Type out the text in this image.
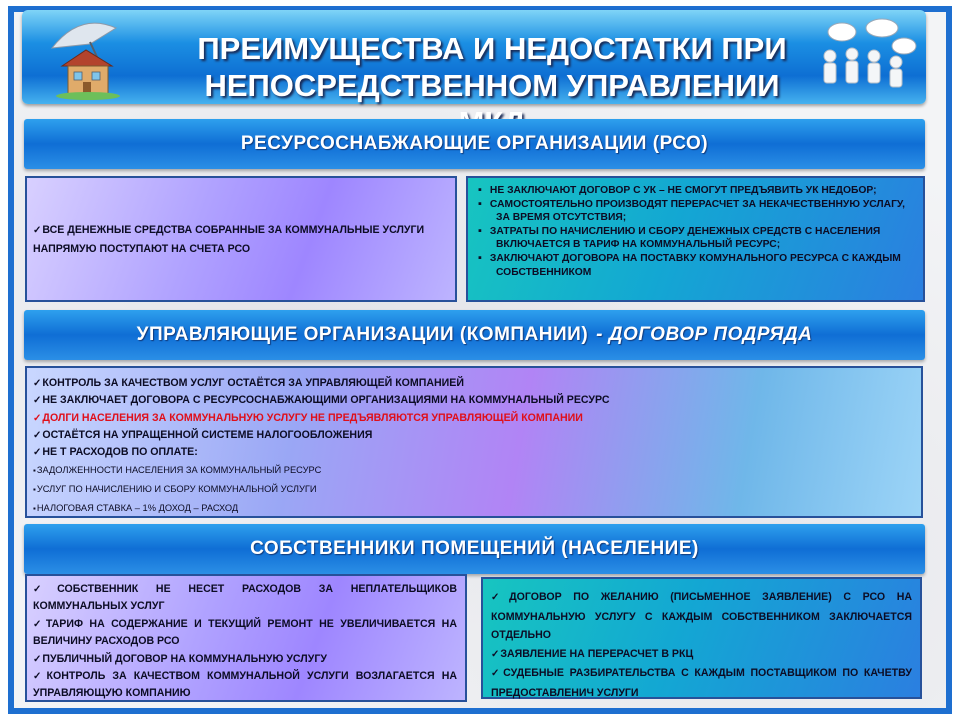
ПРЕИМУЩЕСТВА И НЕДОСТАТКИ ПРИ
НЕПОСРЕДСТВЕННОМ УПРАВЛЕНИИ
РЕСУРСОСНАБЖАЮЩИЕ ОРГАНИЗАЦИИ (РСО)
✓ ВСЕ ДЕНЕЖНЫЕ СРЕДСТВА СОБРАННЫЕ ЗА КОММУНАЛЬНЫЕ УСЛУГИ НАПРЯМУЮ ПОСТУПАЮТ НА СЧЕТА РСО
▪ НЕ ЗАКЛЮЧАЮТ ДОГОВОР С УК – НЕ СМОГУТ ПРЕДЪЯВИТЬ УК НЕДОБОР;
▪ САМОСТОЯТЕЛЬНО ПРОИЗВОДЯТ ПЕРЕРАСЧЕТ ЗА НЕКАЧЕСТВЕННУЮ УСЛАГУ, ЗА ВРЕМЯ ОТСУТСТВИЯ;
▪ ЗАТРАТЫ ПО НАЧИСЛЕНИЮ И СБОРУ ДЕНЕЖНЫХ СРЕДСТВ С НАСЕЛЕНИЯ ВКЛЮЧАЕТСЯ В ТАРИФ НА КОММУНАЛЬНЫЙ РЕСУРС;
▪ ЗАКЛЮЧАЮТ ДОГОВОРА НА ПОСТАВКУ КОМУНАЛЬНОГО РЕСУРСА С КАЖДЫМ СОБСТВЕННИКОМ
УПРАВЛЯЮЩИЕ ОРГАНИЗАЦИИ (КОМПАНИИ) - ДОГОВОР ПОДРЯДА
✓ КОНТРОЛЬ ЗА КАЧЕСТВОМ УСЛУГ ОСТАЁТСЯ ЗА УПРАВЛЯЮЩЕЙ КОМПАНИЕЙ
✓ НЕ ЗАКЛЮЧАЕТ ДОГОВОРА С РЕСУРСОСНАБЖАЮЩИМИ ОРГАНИЗАЦИЯМИ НА КОММУНАЛЬНЫЙ РЕСУРС
✓ ДОЛГИ НАСЕЛЕНИЯ ЗА КОММУНАЛЬНУЮ УСЛУГУ НЕ ПРЕДЪЯВЛЯЮТСЯ УПРАВЛЯЮЩЕЙ КОМПАНИИ
✓ ОСТАЁТСЯ НА УПРАЩЕННОЙ СИСТЕМЕ НАЛОГООБЛОЖЕНИЯ
✓ НЕ Т РАСХОДОВ ПО ОПЛАТЕ:
▪ ЗАДОЛЖЕННОСТИ НАСЕЛЕНИЯ ЗА КОММУНАЛЬНЫЙ РЕСУРС
▪ УСЛУГ ПО НАЧИСЛЕНИЮ И СБОРУ КОММУНАЛЬНОЙ УСЛУГИ
▪ НАЛОГОВАЯ СТАВКА – 1% ДОХОД – РАСХОД
СОБСТВЕННИКИ ПОМЕЩЕНИЙ (НАСЕЛЕНИЕ)
✓ СОБСТВЕННИК НЕ НЕСЕТ РАСХОДОВ ЗА НЕПЛАТЕЛЬЩИКОВ КОММУНАЛЬНЫХ УСЛУГ
✓ ТАРИФ НА СОДЕРЖАНИЕ И ТЕКУЩИЙ РЕМОНТ НЕ УВЕЛИЧИВАЕТСЯ НА ВЕЛИЧИНУ РАСХОДОВ РСО
✓ ПУБЛИЧНЫЙ ДОГОВОР НА КОММУНАЛЬНУЮ УСЛУГУ
✓ КОНТРОЛЬ ЗА КАЧЕСТВОМ КОММУНАЛЬНОЙ УСЛУГИ ВОЗЛАГАЕТСЯ НА УПРАВЛЯЮЩУЮ КОМПАНИЮ
✓ ДОГОВОР ПО ЖЕЛАНИЮ (ПИСЬМЕННОЕ ЗАЯВЛЕНИЕ) С РСО НА КОММУНАЛЬНУЮ УСЛУГУ С КАЖДЫМ СОБСТВЕННИКОМ ЗАКЛЮЧАЕТСЯ ОТДЕЛЬНО
✓ ЗАЯВЛЕНИЕ НА ПЕРЕРАСЧЕТ В РКЦ
✓ СУДЕБНЫЕ РАЗБИРАТЕЛЬСТВА С КАЖДЫМ ПОСТАВЩИКОМ ПО КАЧЕТВУ ПРЕДОСТАВЛЕНИЧ УСЛУГИ
